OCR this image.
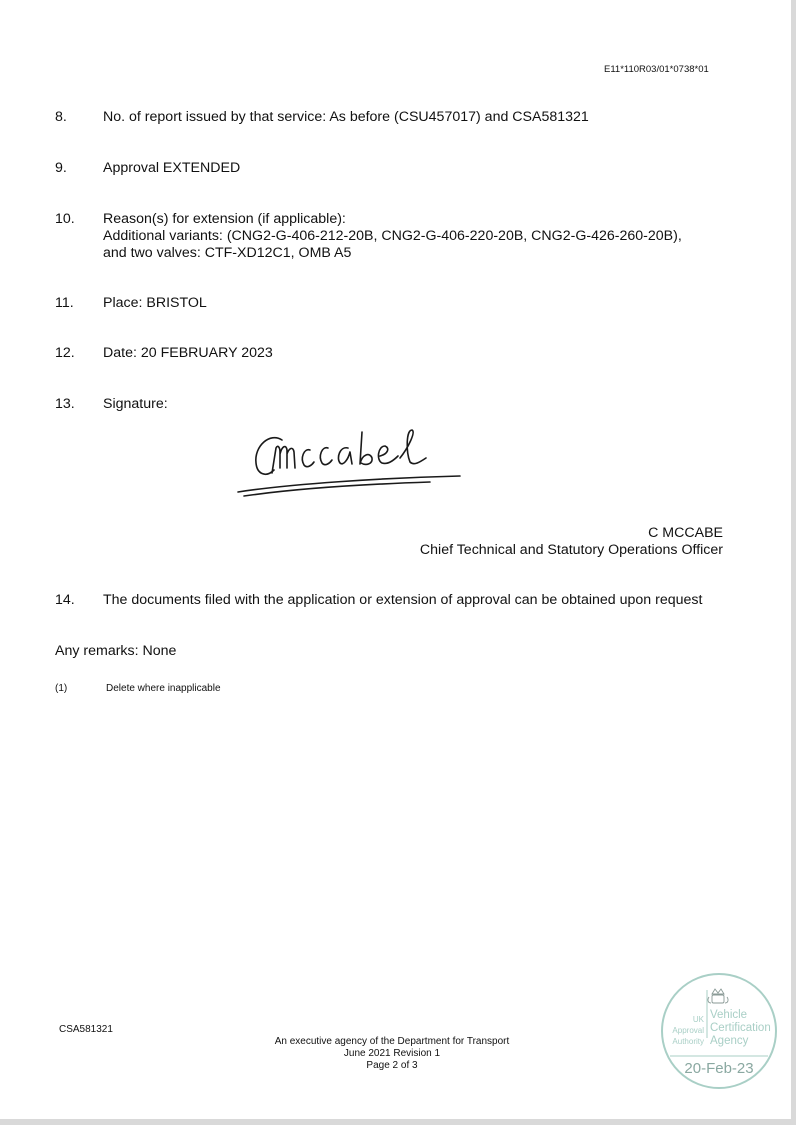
E11*110R03/01*0738*01
8.	No. of report issued by that service: As before (CSU457017) and CSA581321
9.	Approval EXTENDED
10. Reason(s) for extension (if applicable):
Additional variants: (CNG2-G-406-212-20B, CNG2-G-406-220-20B, CNG2-G-426-260-20B),
and two valves: CTF-XD12C1, OMB A5
11. Place: BRISTOL
12. Date: 20 FEBRUARY 2023
13. Signature:
C MCCABE
Chief Technical and Statutory Operations Officer
14. The documents filed with the application or extension of approval can be obtained upon request
Any remarks: None
(1)	Delete where inapplicable
CSA581321
An executive agency of the Department for Transport
June 2021 Revision 1
Page 2 of 3
UK
Approval
Authority
Vehicle
Certification
Agency
20-Feb-23
